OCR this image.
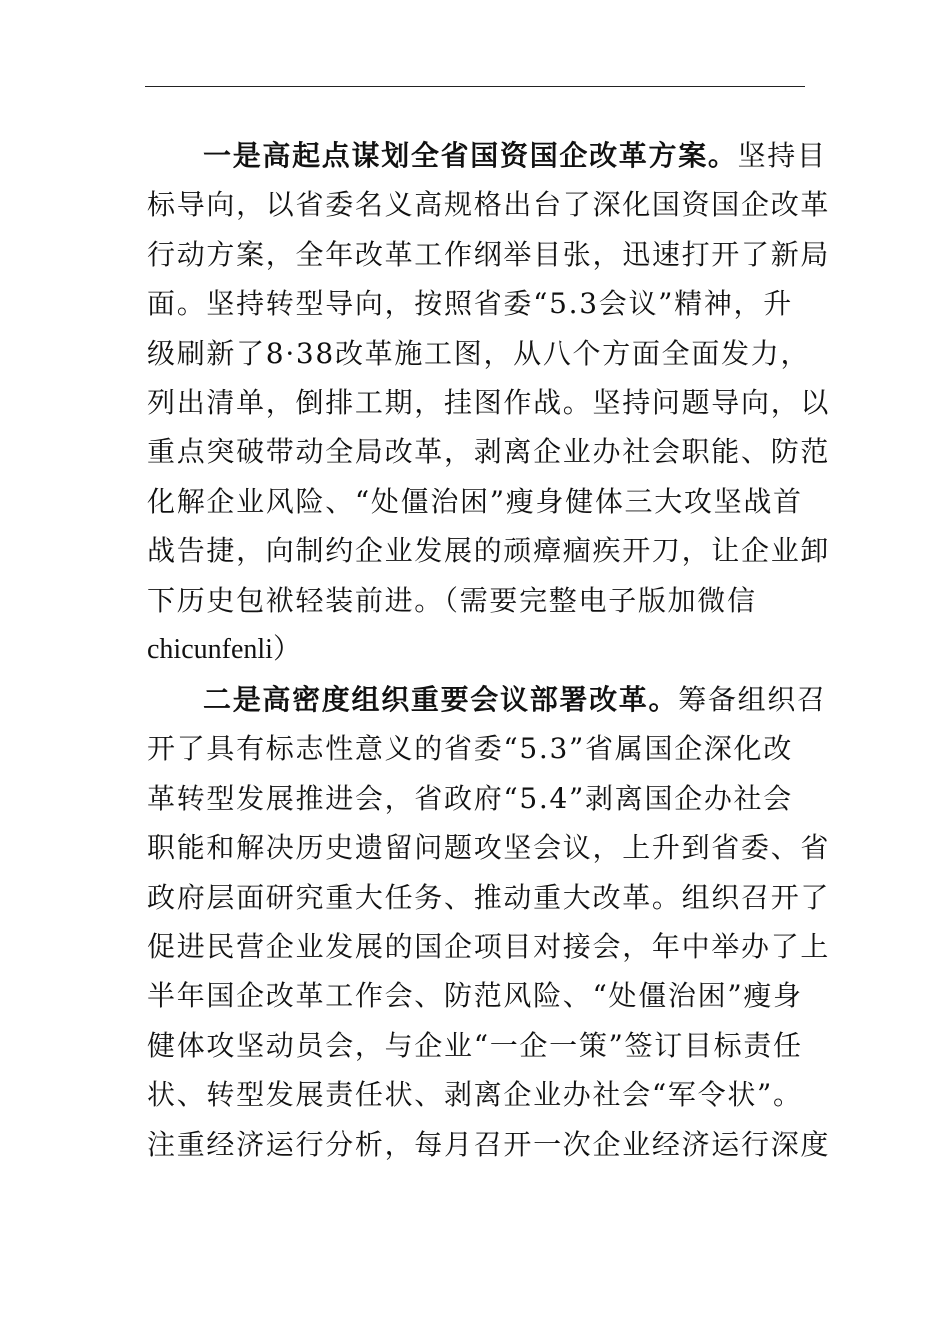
一是高起点谋划全省国资国企改革方案。坚持目
标导向，以省委名义高规格出台了深化国资国企改革
行动方案，全年改革工作纲举目张，迅速打开了新局
面。坚持转型导向，按照省委“5.3会议”精神，升
级刷新了8·38改革施工图，从八个方面全面发力，
列出清单，倒排工期，挂图作战。坚持问题导向，以
重点突破带动全局改革，剥离企业办社会职能、防范
化解企业风险、“处僵治困”瘦身健体三大攻坚战首
战告捷，向制约企业发展的顽瘴痼疾开刀，让企业卸
下历史包袱轻装前进。（需要完整电子版加微信
chicunfenli）
二是高密度组织重要会议部署改革。筹备组织召
开了具有标志性意义的省委“5.3”省属国企深化改
革转型发展推进会，省政府“5.4”剥离国企办社会
职能和解决历史遗留问题攻坚会议，上升到省委、省
政府层面研究重大任务、推动重大改革。组织召开了
促进民营企业发展的国企项目对接会，年中举办了上
半年国企改革工作会、防范风险、“处僵治困”瘦身
健体攻坚动员会，与企业“一企一策”签订目标责任
状、转型发展责任状、剥离企业办社会“军令状”。
注重经济运行分析，每月召开一次企业经济运行深度
